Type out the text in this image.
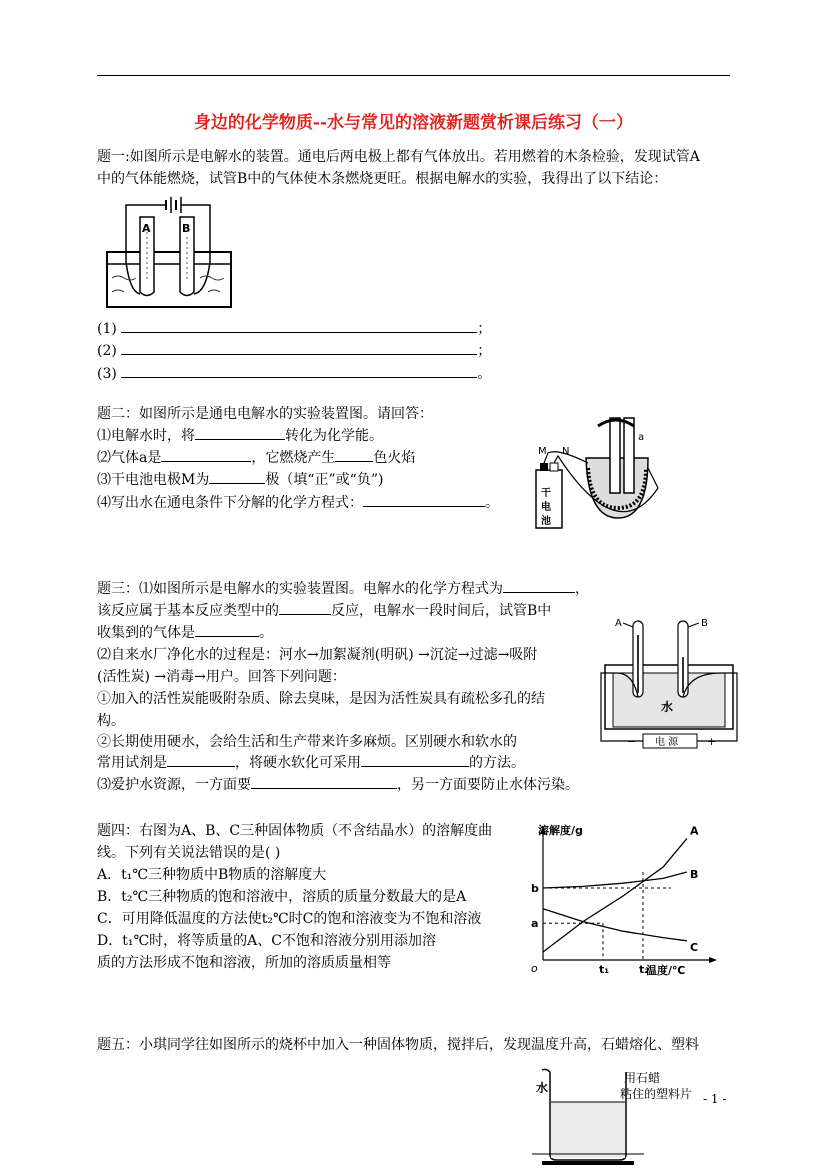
身边的化学物质--水与常见的溶液新题赏析课后练习（一）
题一:如图所示是电解水的装置。通电后两电极上都有气体放出。若用燃着的木条检验，发现试管A
中的气体能燃烧，试管B中的气体使木条燃烧更旺。根据电解水的实验，我得出了以下结论：
A	B
(1)	；
(2)	；
(3)	。
题二：如图所示是通电电解水的实验装置图。请回答：
⑴电解水时，将	转化为化学能。
⑵气体a是	，它燃烧产生	色火焰
⑶干电池电极M为	极（填“正”或“负”)
⑷写出水在通电条件下分解的化学方程式：	。
干
电
池
M N
a
题三：⑴如图所示是电解水的实验装置图。电解水的化学方程式为	，
该反应属于基本反应类型中的	反应，电解水一段时间后，试管B中
收集到的气体是	。
⑵自来水厂净化水的过程是：河水→加絮凝剂(明矾) →沉淀→过滤→吸附
(活性炭) →消毒→用户。回答下列问题：
①加入的活性炭能吸附杂质、除去臭味，是因为活性炭具有疏松多孔的结
构。
②长期使用硬水，会给生活和生产带来许多麻烦。区别硬水和软水的
常用试剂是	，将硬水软化可采用	的方法。
⑶爱护水资源，一方面要	，另一方面要防止水体污染。
A	B
水
电 源
−	+
题四：右图为A、B、C三种固体物质（不含结晶水）的溶解度曲
线。下列有关说法错误的是( )
A．t₁℃三种物质中B物质的溶解度大
B．t₂℃三种物质的饱和溶液中，溶质的质量分数最大的是A
C．可用降低温度的方法使t₂℃时C的饱和溶液变为不饱和溶液
D．t₁℃时，将等质量的A、C不饱和溶液分别用添加溶
质的方法形成不饱和溶液，所加的溶质质量相等
溶解度/g
温度/℃
o
a
b
t₁	t₂
A
B
C
题五：小琪同学往如图所示的烧杯中加入一种固体物质，搅拌后，发现温度升高，石蜡熔化、塑料
水
用石蜡
粘住的塑料片 - 1 -
